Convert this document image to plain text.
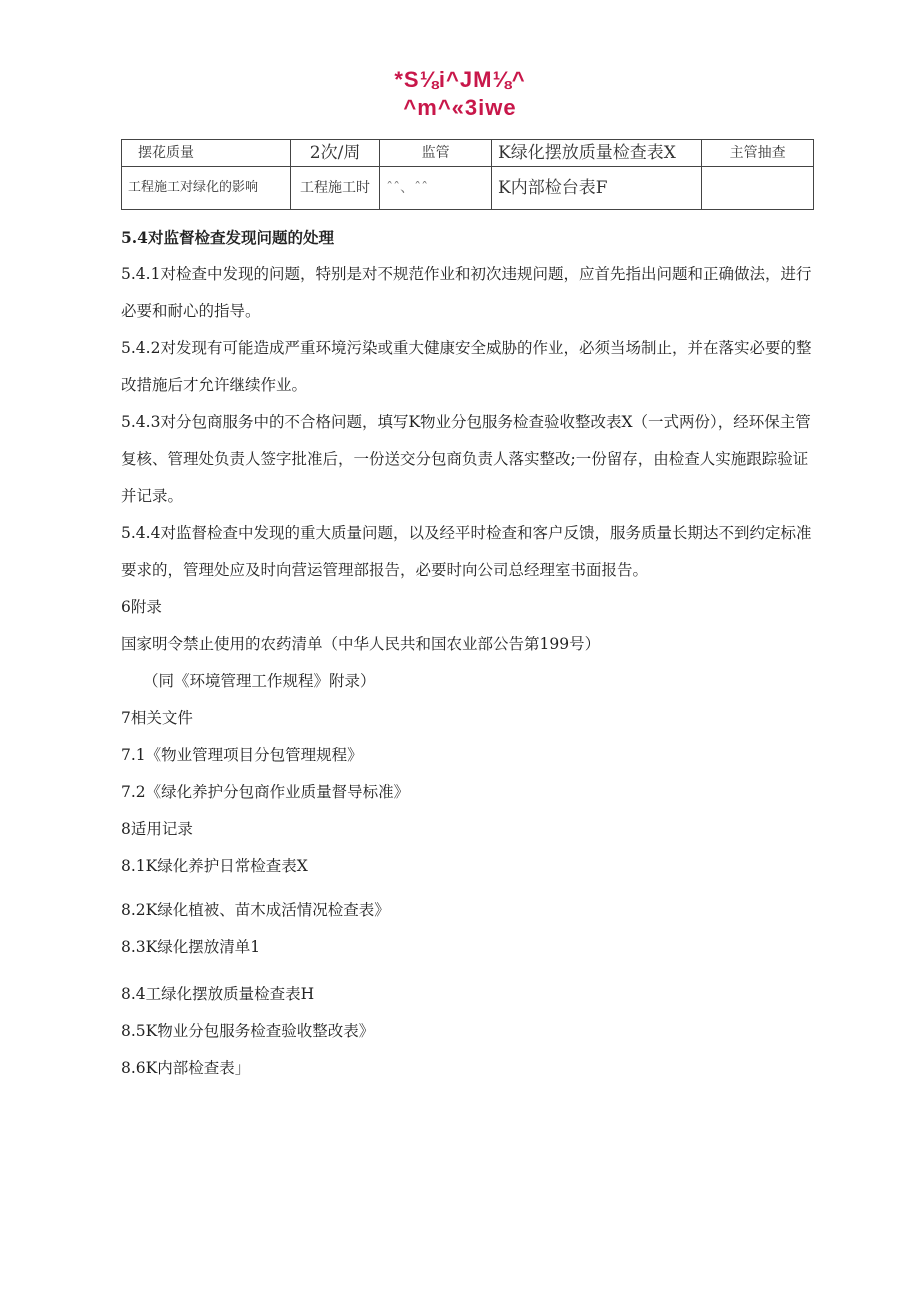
*S⅛i^JM⅛^
^m^«3iwe
摆花质量	2次/周	监管	K绿化摆放质量检查表X	主管抽查
工程施工对绿化的影响	工程施工时	ˆˆ、ˆˆ	K内部检台表F	

5.4对监督检查发现问题的处理

5.4.1对检查中发现的问题，特别是对不规范作业和初次违规问题，应首先指出问题和正确做法，进行必要和耐心的指导。

5.4.2对发现有可能造成严重环境污染或重大健康安全威胁的作业，必须当场制止，并在落实必要的整改措施后才允许继续作业。

5.4.3对分包商服务中的不合格问题，填写K物业分包服务检查验收整改表X（一式两份），经环保主管复核、管理处负责人签字批准后，一份送交分包商负责人落实整改;一份留存，由检查人实施跟踪验证并记录。

5.4.4对监督检查中发现的重大质量问题，以及经平时检查和客户反馈，服务质量长期达不到约定标准要求的，管理处应及时向营运管理部报告，必要时向公司总经理室书面报告。

6附录

国家明令禁止使用的农药清单（中华人民共和国农业部公告第199号）

（同《环境管理工作规程》附录）

7相关文件

7.1《物业管理项目分包管理规程》

7.2《绿化养护分包商作业质量督导标准》

8适用记录

8.1K绿化养护日常检查表X

8.2K绿化植被、苗木成活情况检查表》

8.3K绿化摆放清单1

8.4工绿化摆放质量检查表H

8.5K物业分包服务检查验收整改表》

8.6K内部检查表」
